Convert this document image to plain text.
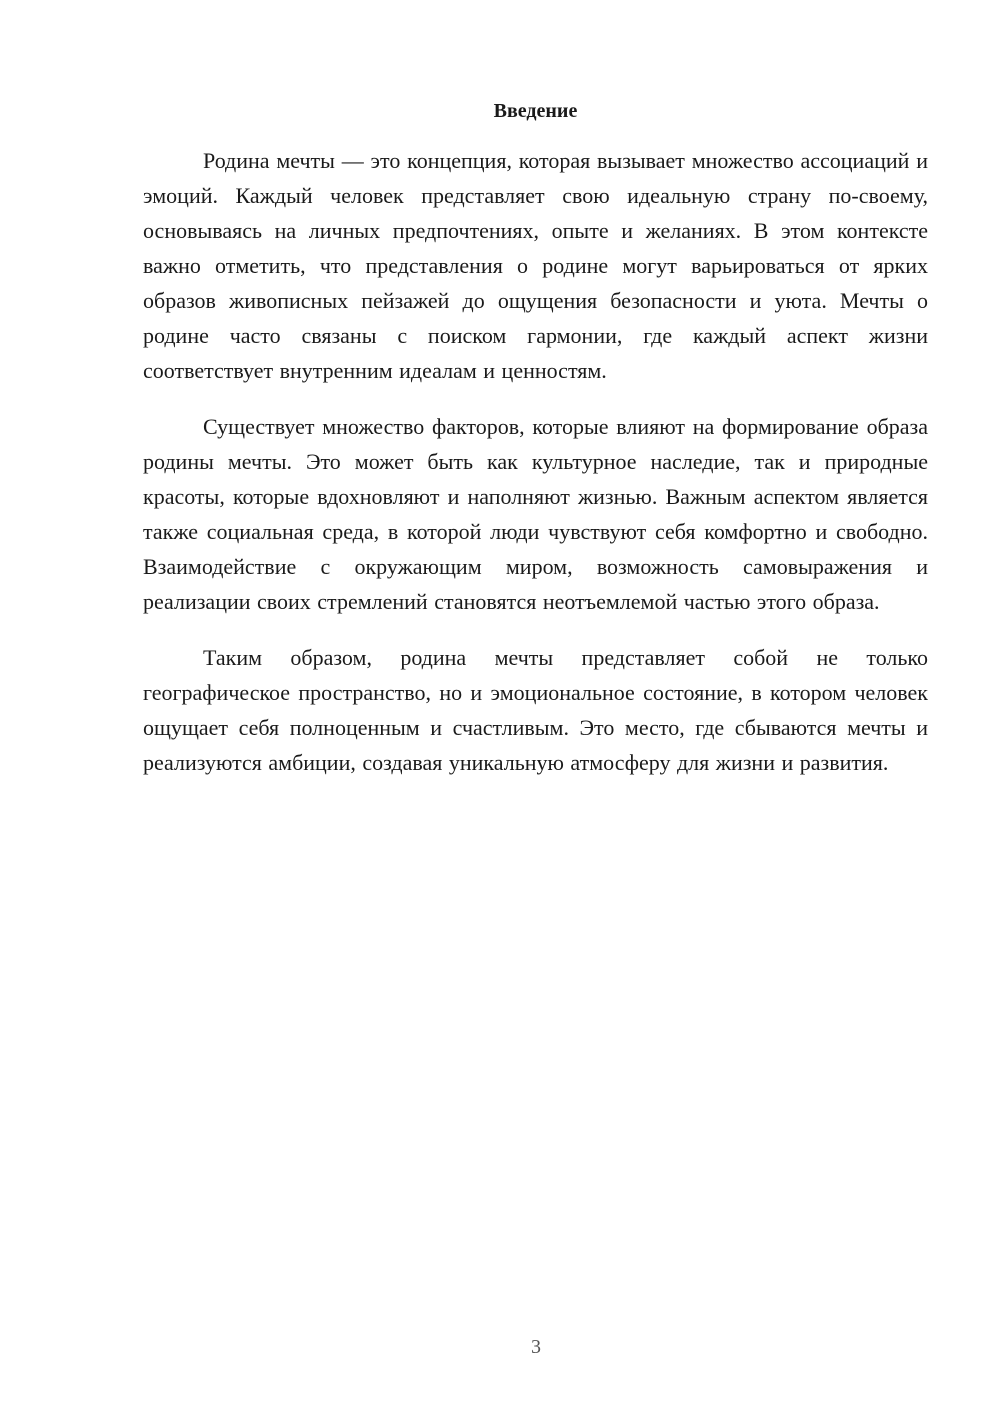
Введение

Родина мечты — это концепция, которая вызывает множество ассоциаций и эмоций. Каждый человек представляет свою идеальную страну по-своему, основываясь на личных предпочтениях, опыте и желаниях. В этом контексте важно отметить, что представления о родине могут варьироваться от ярких образов живописных пейзажей до ощущения безопасности и уюта. Мечты о родине часто связаны с поиском гармонии, где каждый аспект жизни соответствует внутренним идеалам и ценностям.

Существует множество факторов, которые влияют на формирование образа родины мечты. Это может быть как культурное наследие, так и природные красоты, которые вдохновляют и наполняют жизнью. Важным аспектом является также социальная среда, в которой люди чувствуют себя комфортно и свободно. Взаимодействие с окружающим миром, возможность самовыражения и реализации своих стремлений становятся неотъемлемой частью этого образа.

Таким образом, родина мечты представляет собой не только географическое пространство, но и эмоциональное состояние, в котором человек ощущает себя полноценным и счастливым. Это место, где сбываются мечты и реализуются амбиции, создавая уникальную атмосферу для жизни и развития.

3
